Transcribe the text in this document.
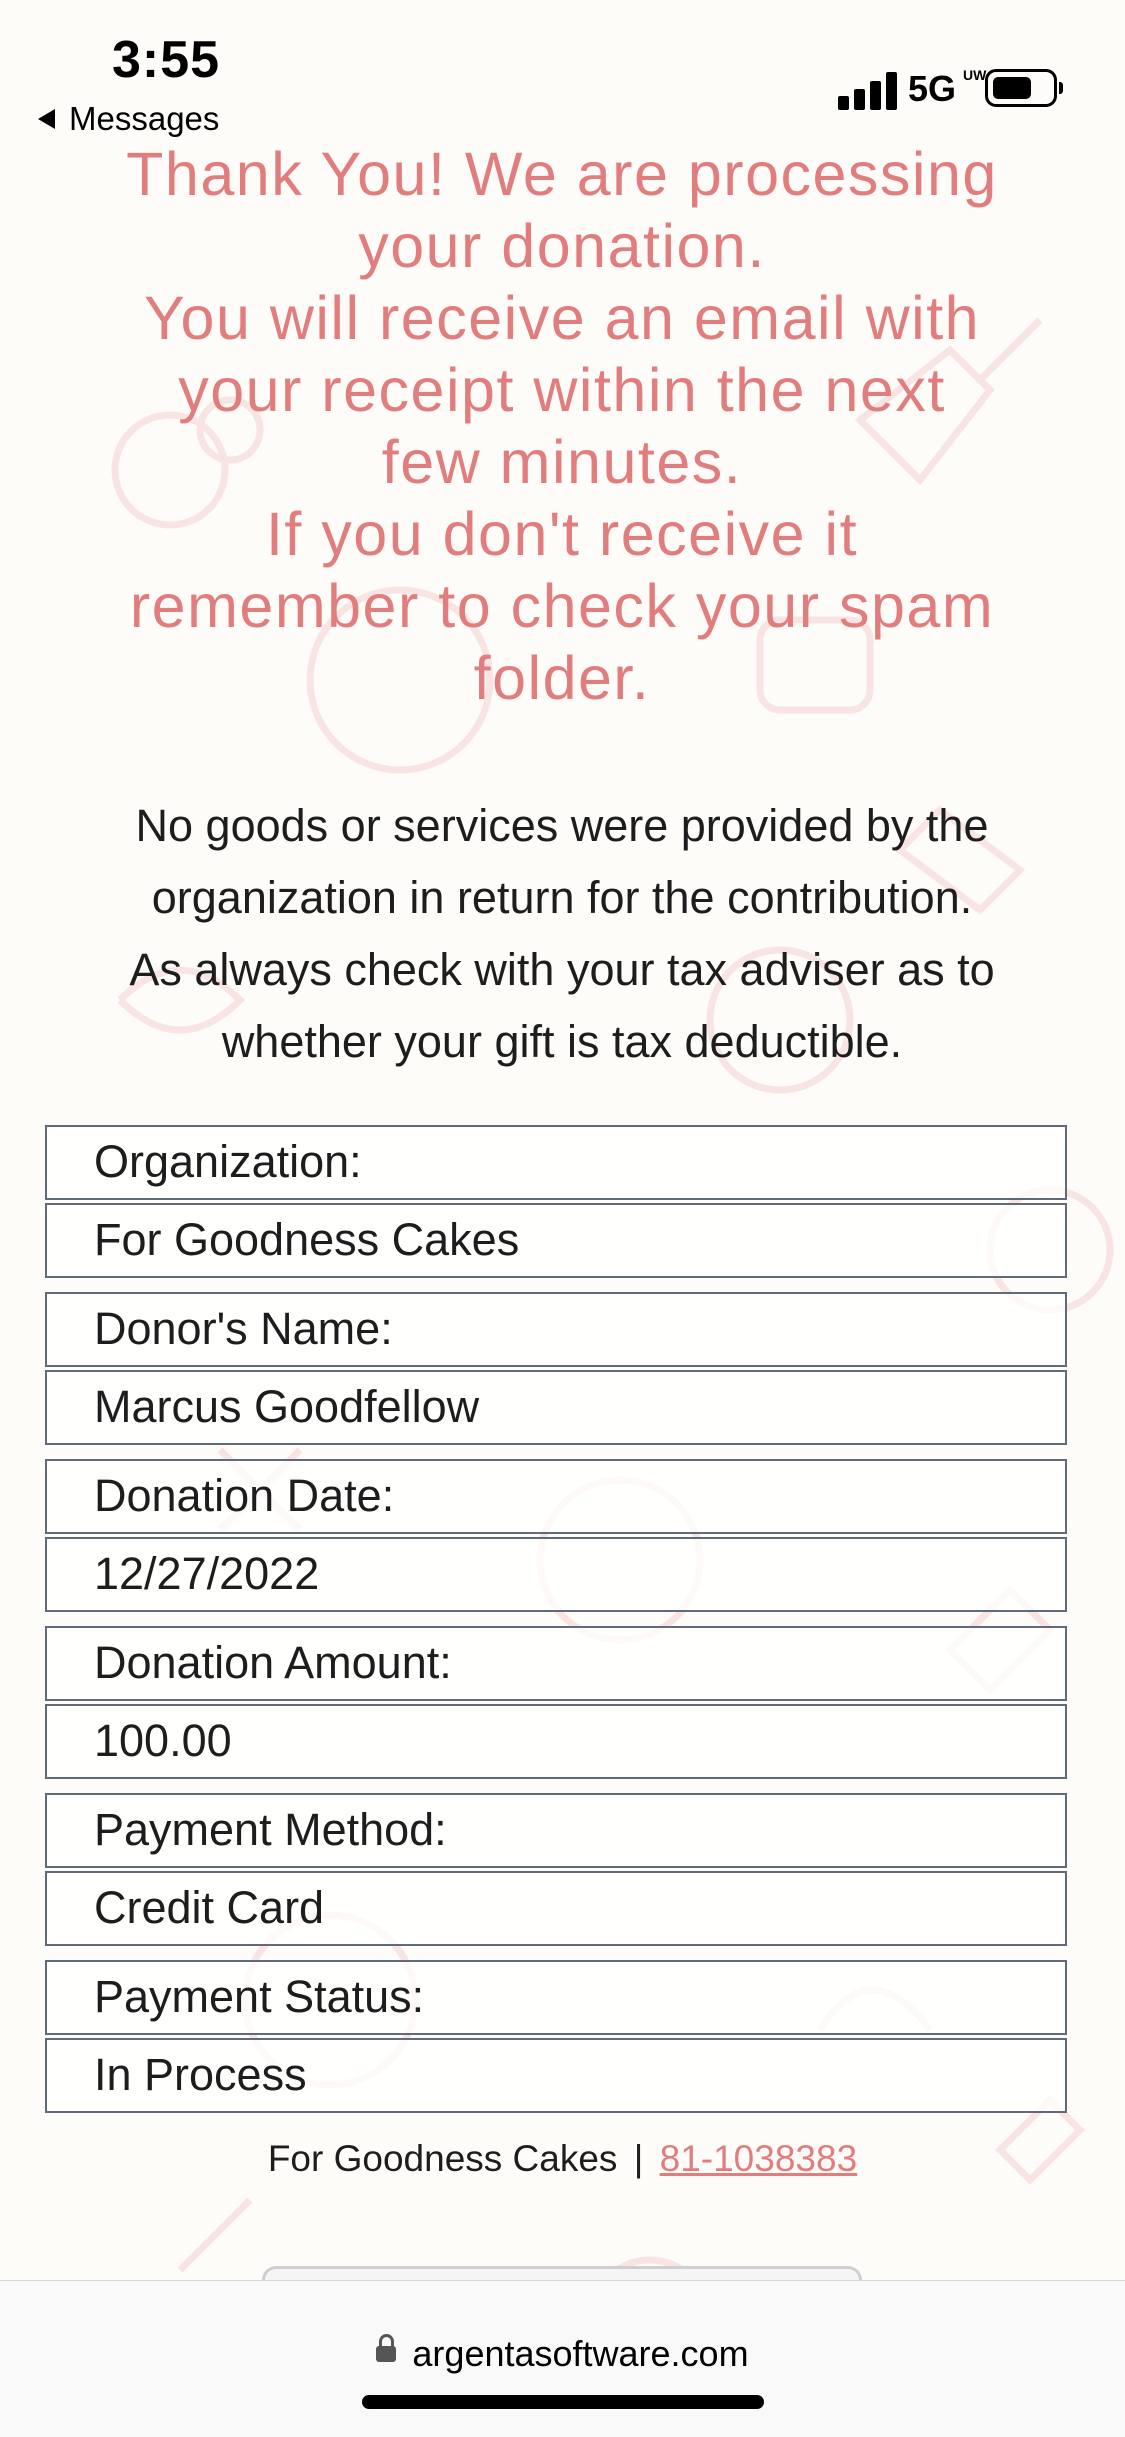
3:55
Messages
5G UW
Thank You! We are processing
your donation.
You will receive an email with
your receipt within the next
few minutes.
If you don't receive it
remember to check your spam
folder.
No goods or services were provided by the
organization in return for the contribution.
As always check with your tax adviser as to
whether your gift is tax deductible.
Organization:
For Goodness Cakes
Donor's Name:
Marcus Goodfellow
Donation Date:
12/27/2022
Donation Amount:
100.00
Payment Method:
Credit Card
Payment Status:
In Process
For Goodness Cakes | 81-1038383
argentasoftware.com
